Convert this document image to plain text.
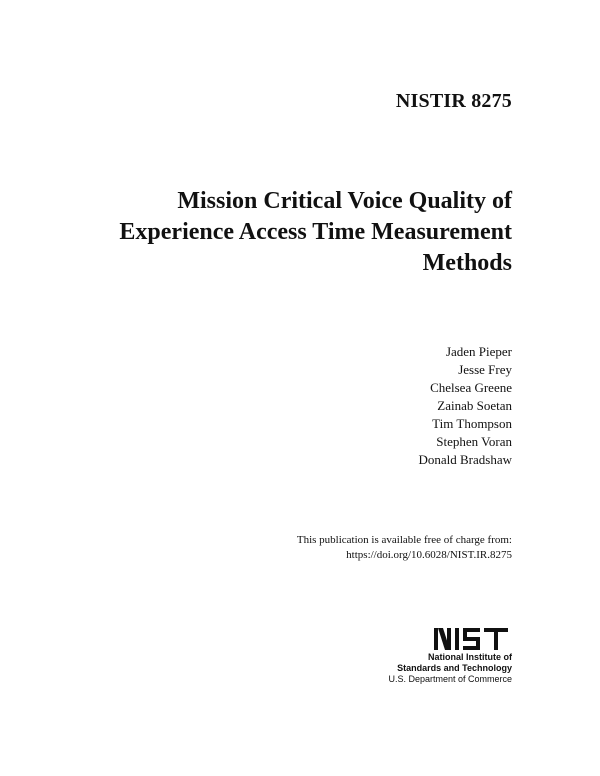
NISTIR 8275
Mission Critical Voice Quality of
Experience Access Time Measurement
Methods
Jaden Pieper
Jesse Frey
Chelsea Greene
Zainab Soetan
Tim Thompson
Stephen Voran
Donald Bradshaw
This publication is available free of charge from:
https://doi.org/10.6028/NIST.IR.8275
National Institute of
Standards and Technology
U.S. Department of Commerce
